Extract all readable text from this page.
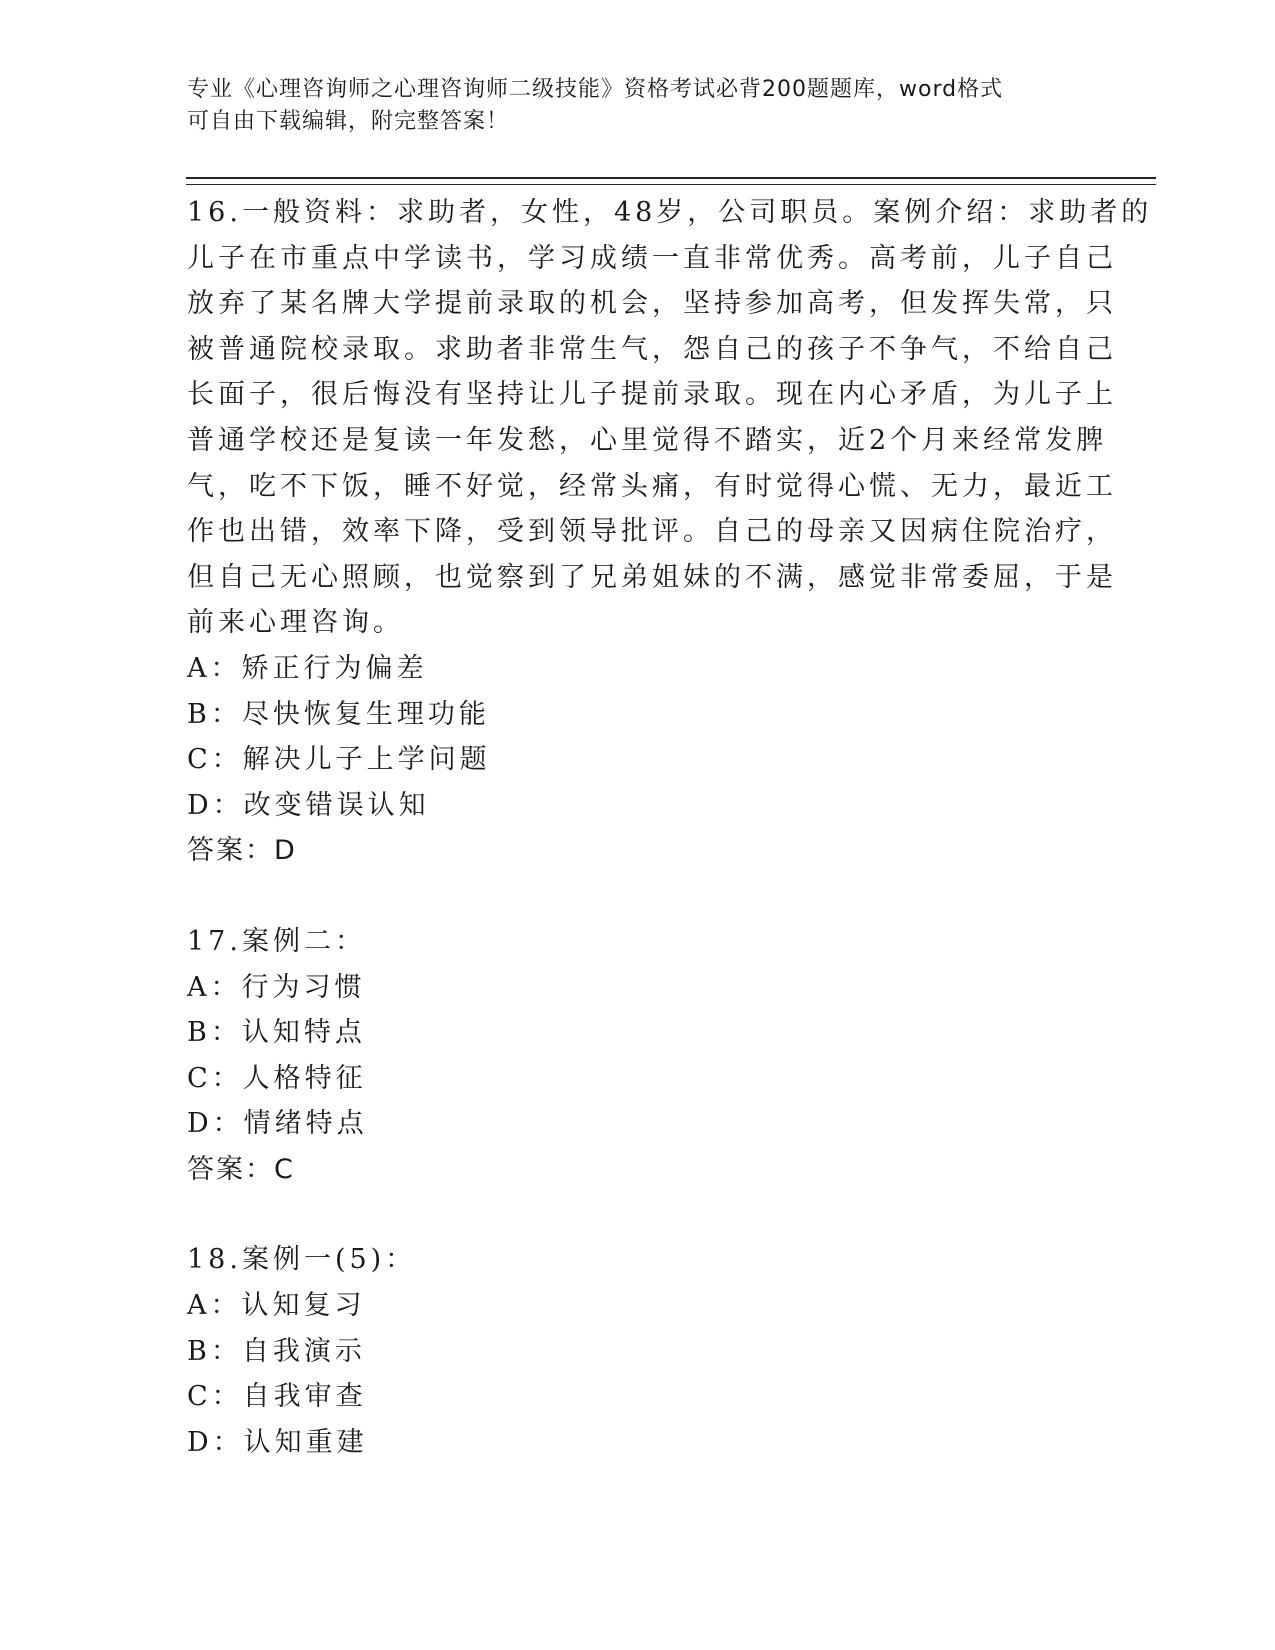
专业《心理咨询师之心理咨询师二级技能》资格考试必背200题题库，word格式
可自由下载编辑，附完整答案！
16.一般资料：求助者，女性，48岁，公司职员。案例介绍：求助者的
儿子在市重点中学读书，学习成绩一直非常优秀。高考前，儿子自己
放弃了某名牌大学提前录取的机会，坚持参加高考，但发挥失常，只
被普通院校录取。求助者非常生气，怨自己的孩子不争气，不给自己
长面子，很后悔没有坚持让儿子提前录取。现在内心矛盾，为儿子上
普通学校还是复读一年发愁，心里觉得不踏实，近2个月来经常发脾
气，吃不下饭，睡不好觉，经常头痛，有时觉得心慌、无力，最近工
作也出错，效率下降，受到领导批评。自己的母亲又因病住院治疗，
但自己无心照顾，也觉察到了兄弟姐妹的不满，感觉非常委屈，于是
前来心理咨询。
A：矫正行为偏差
B：尽快恢复生理功能
C：解决儿子上学问题
D：改变错误认知
答案：D
17.案例二：
A：行为习惯
B：认知特点
C：人格特征
D：情绪特点
答案：C
18.案例一(5)：
A：认知复习
B：自我演示
C：自我审查
D：认知重建
